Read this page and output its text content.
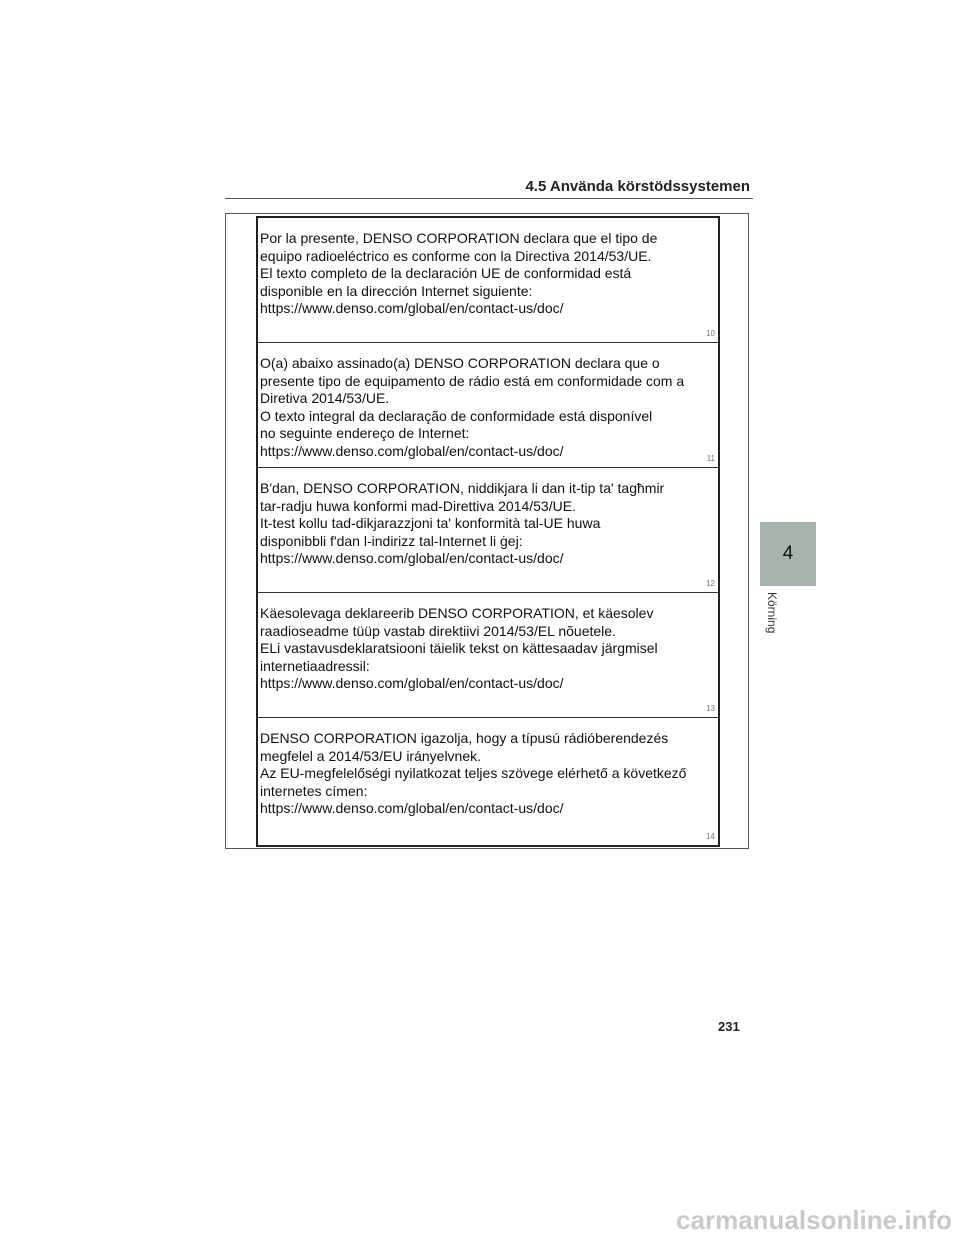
4.5 Använda körstödssystemen
4
Körning
Por la presente, DENSO CORPORATION declara que el tipo de
equipo radioeléctrico es conforme con la Directiva 2014/53/UE.
El texto completo de la declaración UE de conformidad está
disponible en la dirección Internet siguiente:
https://www.denso.com/global/en/contact-us/doc/
10
O(a) abaixo assinado(a) DENSO CORPORATION declara que o
presente tipo de equipamento de rádio está em conformidade com a
Diretiva 2014/53/UE.
O texto integral da declaração de conformidade está disponível
no seguinte endereço de Internet:
https://www.denso.com/global/en/contact-us/doc/	11
B'dan, DENSO CORPORATION, niddikjara li dan it-tip ta' tagħmir
tar-radju huwa konformi mad-Direttiva 2014/53/UE.
It-test kollu tad-dikjarazzjoni ta' konformità tal-UE huwa
disponibbli f'dan l-indirizz tal-Internet li ġej:
https://www.denso.com/global/en/contact-us/doc/
12
Käesolevaga deklareerib DENSO CORPORATION, et käesolev
raadioseadme tüüp vastab direktiivi 2014/53/EL nõuetele.
ELi vastavusdeklaratsiooni täielik tekst on kättesaadav järgmisel
internetiaadressil:
https://www.denso.com/global/en/contact-us/doc/
13
DENSO CORPORATION igazolja, hogy a típusú rádióberendezés
megfelel a 2014/53/EU irányelvnek.
Az EU-megfelelőségi nyilatkozat teljes szövege elérhető a következő
internetes címen:
https://www.denso.com/global/en/contact-us/doc/
14
231
carmanualsonline.info
